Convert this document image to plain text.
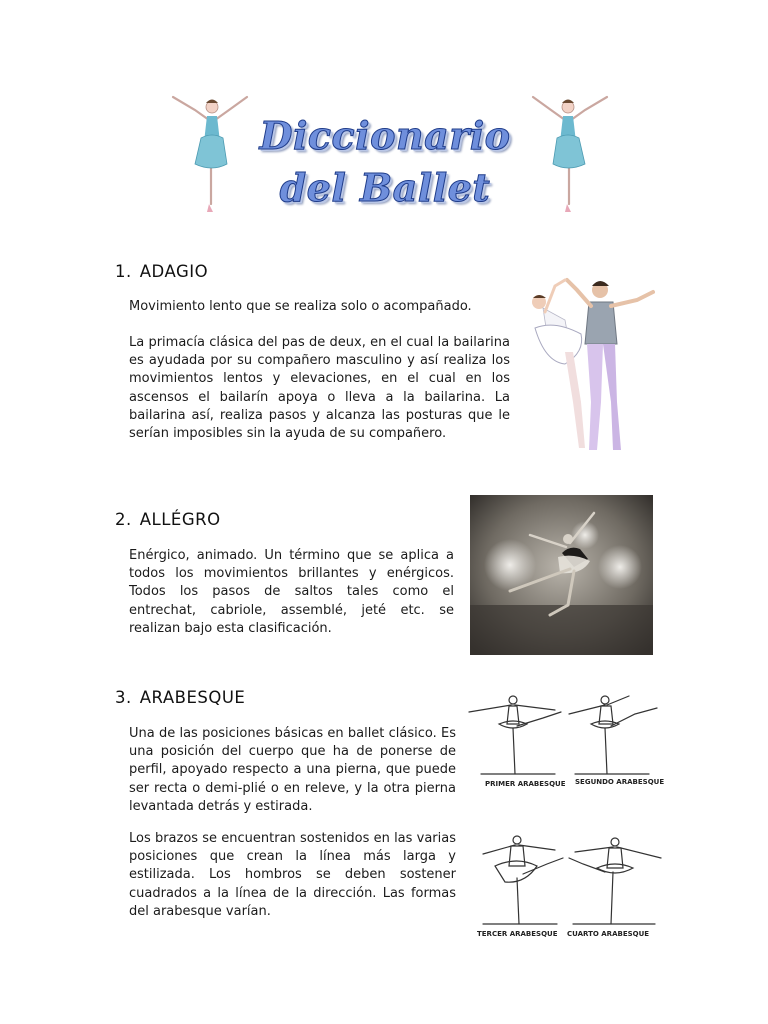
Diccionario
del Ballet
1. ADAGIO

Movimiento lento que se realiza solo o acompañado.

La primacía clásica del pas de deux, en el cual la bailarina es ayudada por su compañero masculino y así realiza los movimientos lentos y elevaciones, en el cual en los ascensos el bailarín apoya o lleva a la bailarina. La bailarina así, realiza pasos y alcanza las posturas que le serían imposibles sin la ayuda de su compañero.

2. ALLÉGRO

Enérgico, animado. Un término que se aplica a todos los movimientos brillantes y enérgicos. Todos los pasos de saltos tales como el entrechat, cabriole, assemblé, jeté etc. se realizan bajo esta clasificación.

3. ARABESQUE

Una de las posiciones básicas en ballet clásico. Es una posición del cuerpo que ha de ponerse de perfil, apoyado respecto a una pierna, que puede ser recta o demi-plié o en releve, y la otra pierna levantada detrás y estirada.

Los brazos se encuentran sostenidos en las varias posiciones que crean la línea más larga y estilizada. Los hombros se deben sostener cuadrados a la línea de la dirección. Las formas del arabesque varían.

PRIMER ARABESQUE SEGUNDO ARABESQUE
TERCER ARABESQUE CUARTO ARABESQUE
